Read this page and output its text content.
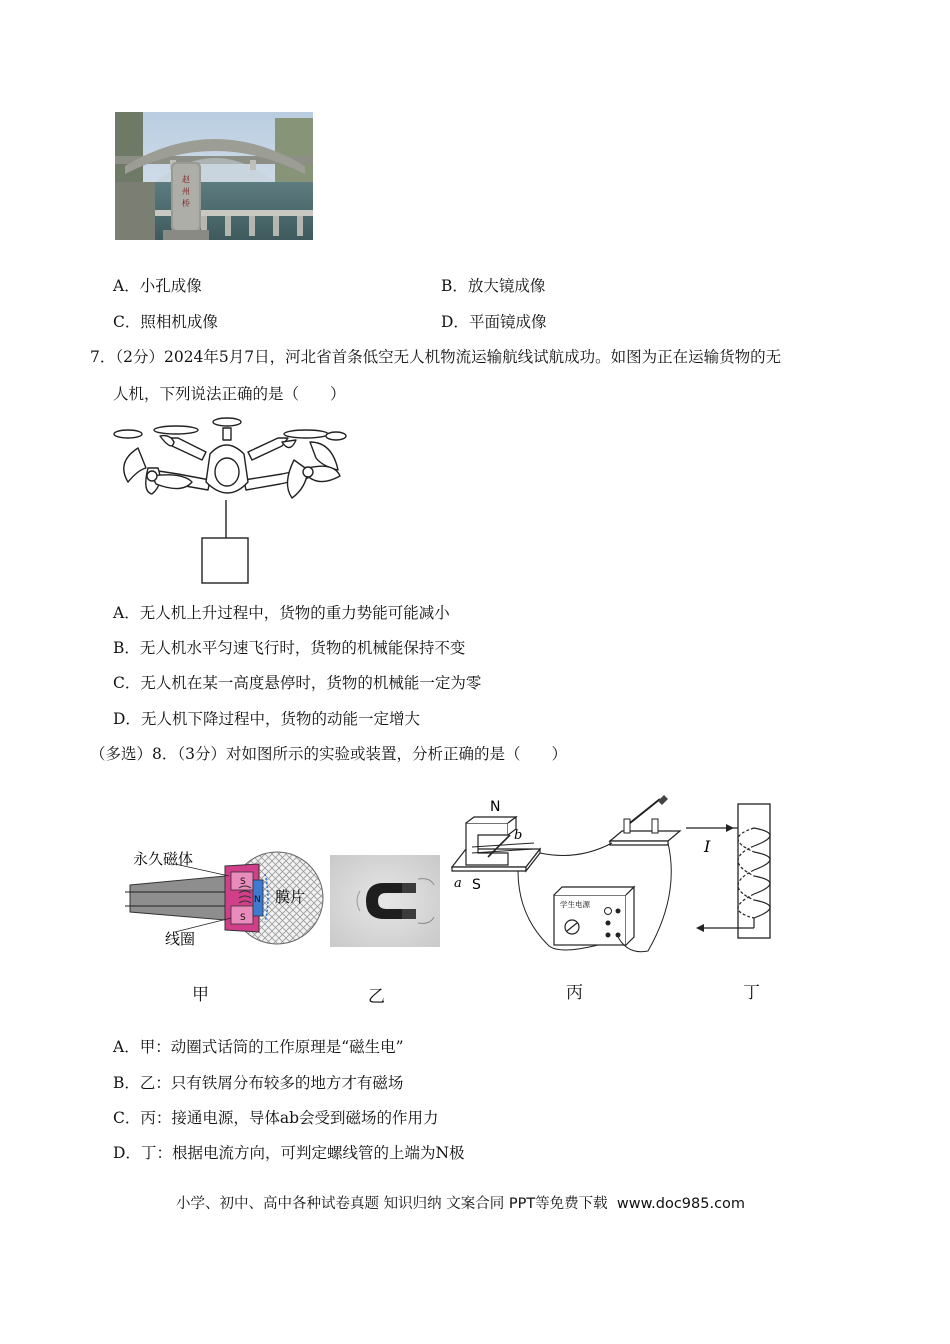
赵
州
桥
A．小孔成像	B．放大镜成像
C．照相机成像	D．平面镜成像
7．（2分）2024年5月7日，河北省首条低空无人机物流运输航线试航成功。如图为正在运输货物的无
人机，下列说法正确的是（　　）
A．无人机上升过程中，货物的重力势能可能减小
B．无人机水平匀速飞行时，货物的机械能保持不变
C．无人机在某一高度悬停时，货物的机械能一定为零
D．无人机下降过程中，货物的动能一定增大
（多选）8．（3分）对如图所示的实验或装置，分析正确的是（　　）
S
S
N
永久磁体
线圈
膜片
N
S
a
b
学生电源
I
甲	乙	丙	丁
A．甲：动圈式话筒的工作原理是“磁生电”
B．乙：只有铁屑分布较多的地方才有磁场
C．丙：接通电源，导体ab会受到磁场的作用力
D．丁：根据电流方向，可判定螺线管的上端为N极
小学、初中、高中各种试卷真题 知识归纳 文案合同 PPT等免费下载 www.doc985.com
